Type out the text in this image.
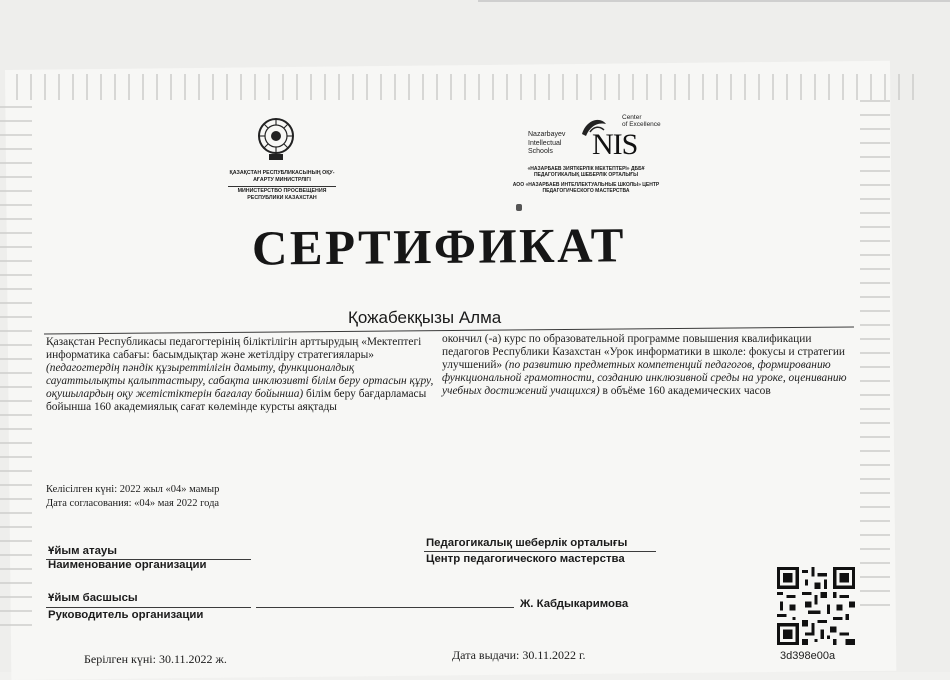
ҚАЗАҚСТАН РЕСПУБЛИКАСЫНЫҢ ОҚУ-АҒАРТУ МИНИСТРЛІГІ
МИНИСТЕРСТВО ПРОСВЕЩЕНИЯ РЕСПУБЛИКИ КАЗАХСТАН
Nazarbayev
Intellectual
Schools
Center
of Excellence
NIS
«НАЗАРБАЕВ ЗИЯТКЕРЛІК МЕКТЕПТЕРІ» ДББҰ ПЕДАГОГИКАЛЫҚ ШЕБЕРЛІК ОРТАЛЫҒЫ
АОО «НАЗАРБАЕВ ИНТЕЛЛЕКТУАЛЬНЫЕ ШКОЛЫ» ЦЕНТР ПЕДАГОГИЧЕСКОГО МАСТЕРСТВА
СЕРТИФИКАТ
Қожабекқызы Алма
Қазақстан Республикасы педагогтерінің біліктілігін арттырудың «Мектептегі информатика сабағы: басымдықтар және жетілдіру стратегиялары» (педагогтердің пәндік құзыреттілігін дамыту, функционалдық сауаттылықты қалыптастыру, сабақта инклюзивті білім беру ортасын құру, оқушылардың оқу жетістіктерін бағалау бойынша) білім беру бағдарламасы бойынша 160 академиялық сағат көлемінде курсты аяқтады
окончил (-а) курс по образовательной программе повышения квалификации педагогов Республики Казахстан «Урок информатики в школе: фокусы и стратегии улучшений» (по развитию предметных компетенций педагогов, формированию функциональной грамотности, созданию инклюзивной среды на уроке, оцениванию учебных достижений учащихся) в объёме 160 академических часов
Келісілген күні: 2022 жыл «04» мамыр
Дата согласования: «04» мая 2022 года
Ұйым атауы
Наименование организации
Педагогикалық шеберлік орталығы
Центр педагогического мастерства
Ұйым басшысы
Руководитель организации
Ж. Кабдыкаримова
3d398e00a
Берілген күні: 30.11.2022 ж.	Дата выдачи: 30.11.2022 г.
